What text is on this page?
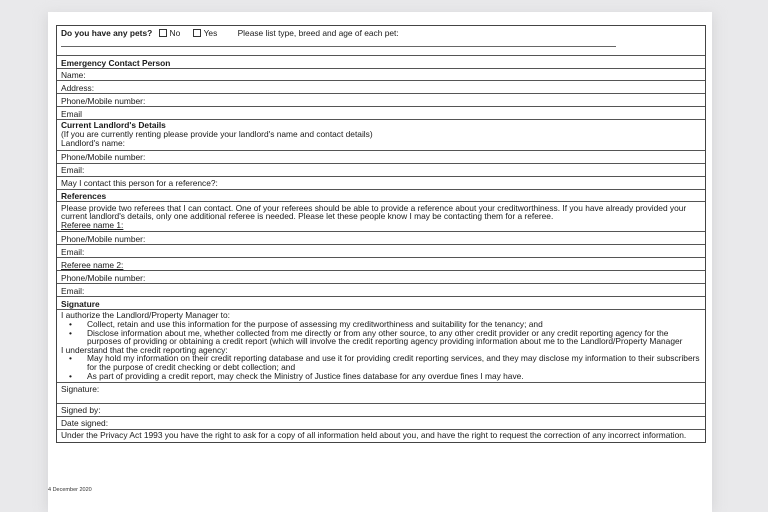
Do you have any pets? No	Yes Please list type, breed and age of each pet:
Emergency Contact Person
Name:
Address:
Phone/Mobile number:
Email
Current Landlord's Details
(If you are currently renting please provide your landlord's name and contact details)
Landlord's name:
Phone/Mobile number:
Email:
May I contact this person for a reference?:
References
Please provide two referees that I can contact. One of your referees should be able to provide a reference about your creditworthiness. If you have already provided your current landlord's details, only one additional referee is needed. Please let these people know I may be contacting them for a referee.
Referee name 1:
Phone/Mobile number:
Email:
Referee name 2:
Phone/Mobile number:
Email:
Signature
I authorize the Landlord/Property Manager to:
• Collect, retain and use this information for the purpose of assessing my creditworthiness and suitability for the tenancy; and
• Disclose information about me, whether collected from me directly or from any other source, to any other credit provider or any credit reporting agency for the purposes of providing or obtaining a credit report (which will involve the credit reporting agency providing information about me to the Landlord/Property Manager
I understand that the credit reporting agency:
• May hold my information on their credit reporting database and use it for providing credit reporting services, and they may disclose my information to their subscribers for the purpose of credit checking or debt collection; and
• As part of providing a credit report, may check the Ministry of Justice fines database for any overdue fines I may have.
Signature:
Signed by:
Date signed:
Under the Privacy Act 1993 you have the right to ask for a copy of all information held about you, and have the right to request the correction of any incorrect information.
4 December 2020
